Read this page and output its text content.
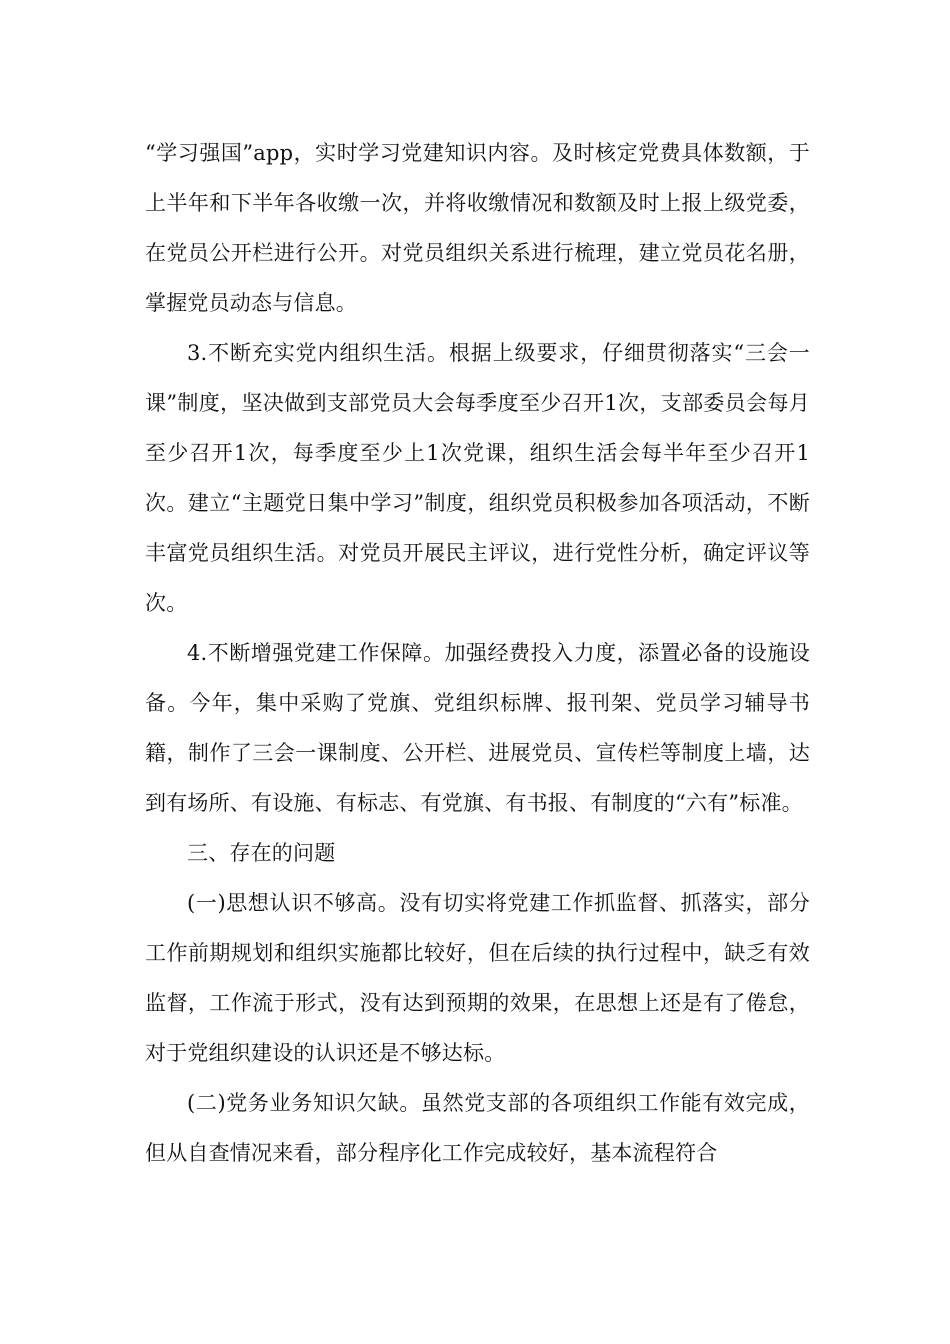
“学习强国”app，实时学习党建知识内容。及时核定党费具体数额，于上半年和下半年各收缴一次，并将收缴情况和数额及时上报上级党委，在党员公开栏进行公开。对党员组织关系进行梳理，建立党员花名册，掌握党员动态与信息。

3.不断充实党内组织生活。根据上级要求，仔细贯彻落实“三会一课”制度，坚决做到支部党员大会每季度至少召开1次，支部委员会每月至少召开1次，每季度至少上1次党课，组织生活会每半年至少召开1次。建立“主题党日集中学习”制度，组织党员积极参加各项活动，不断丰富党员组织生活。对党员开展民主评议，进行党性分析，确定评议等次。

4.不断增强党建工作保障。加强经费投入力度，添置必备的设施设备。今年，集中采购了党旗、党组织标牌、报刊架、党员学习辅导书籍，制作了三会一课制度、公开栏、进展党员、宣传栏等制度上墙，达到有场所、有设施、有标志、有党旗、有书报、有制度的“六有”标准。

三、存在的问题

(一)思想认识不够高。没有切实将党建工作抓监督、抓落实，部分工作前期规划和组织实施都比较好，但在后续的执行过程中，缺乏有效监督，工作流于形式，没有达到预期的效果，在思想上还是有了倦怠，对于党组织建设的认识还是不够达标。

(二)党务业务知识欠缺。虽然党支部的各项组织工作能有效完成，但从自查情况来看，部分程序化工作完成较好，基本流程符合
